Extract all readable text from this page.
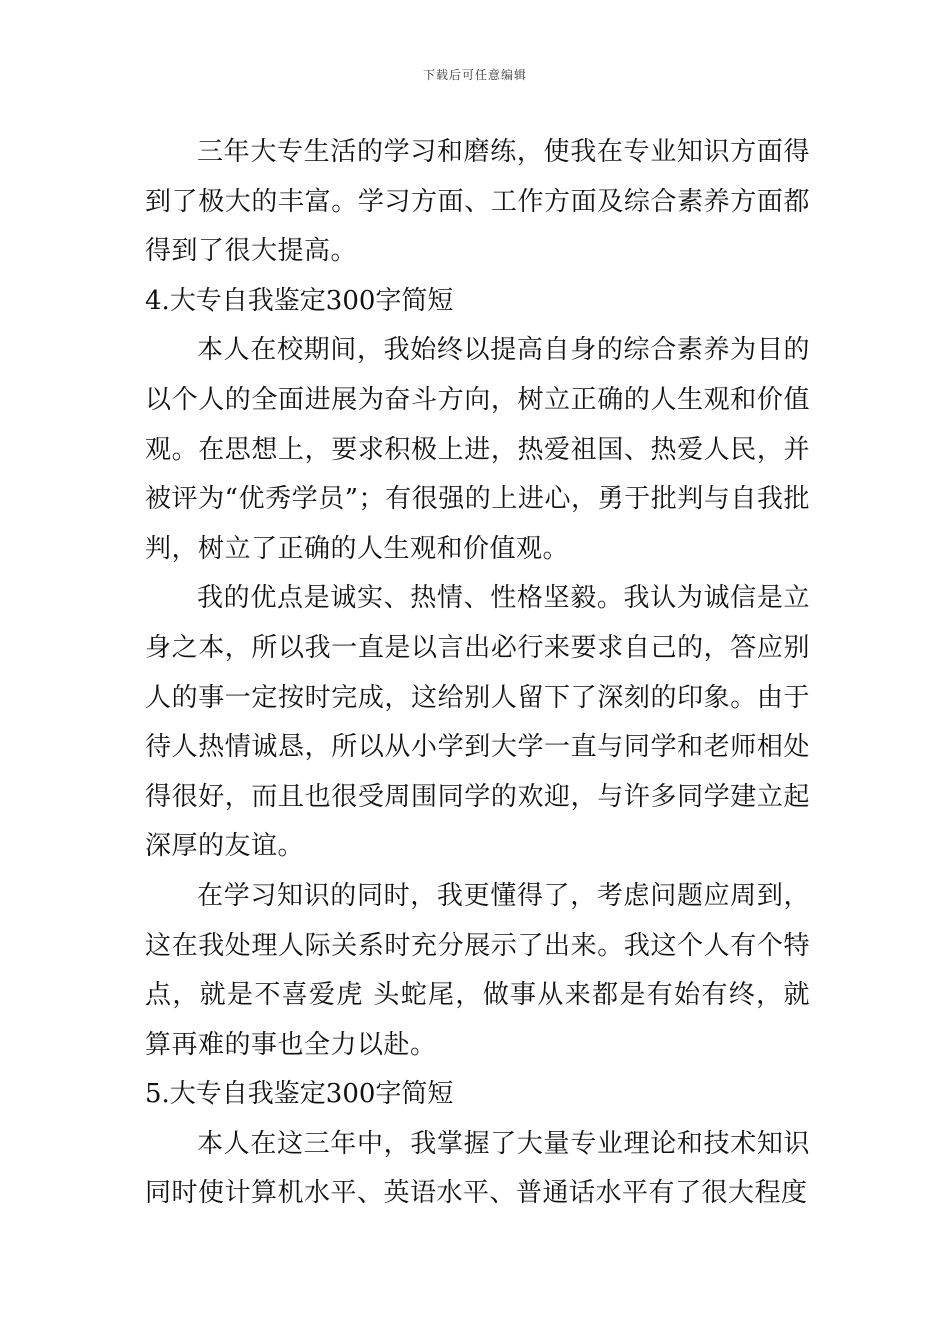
下载后可任意编辑

三年大专生活的学习和磨练，使我在专业知识方面得到了极大的丰富。学习方面、工作方面及综合素养方面都得到了很大提高。

4.大专自我鉴定300字简短

本人在校期间，我始终以提高自身的综合素养为目的以个人的全面进展为奋斗方向，树立正确的人生观和价值观。在思想上，要求积极上进，热爱祖国、热爱人民，并被评为“优秀学员”；有很强的上进心，勇于批判与自我批判，树立了正确的人生观和价值观。

我的优点是诚实、热情、性格坚毅。我认为诚信是立身之本，所以我一直是以言出必行来要求自己的，答应别人的事一定按时完成，这给别人留下了深刻的印象。由于待人热情诚恳，所以从小学到大学一直与同学和老师相处得很好，而且也很受周围同学的欢迎，与许多同学建立起深厚的友谊。

在学习知识的同时，我更懂得了，考虑问题应周到，这在我处理人际关系时充分展示了出来。我这个人有个特点，就是不喜爱虎 头蛇尾，做事从来都是有始有终，就算再难的事也全力以赴。

5.大专自我鉴定300字简短

本人在这三年中，我掌握了大量专业理论和技术知识同时使计算机水平、英语水平、普通话水平有了很大程度
